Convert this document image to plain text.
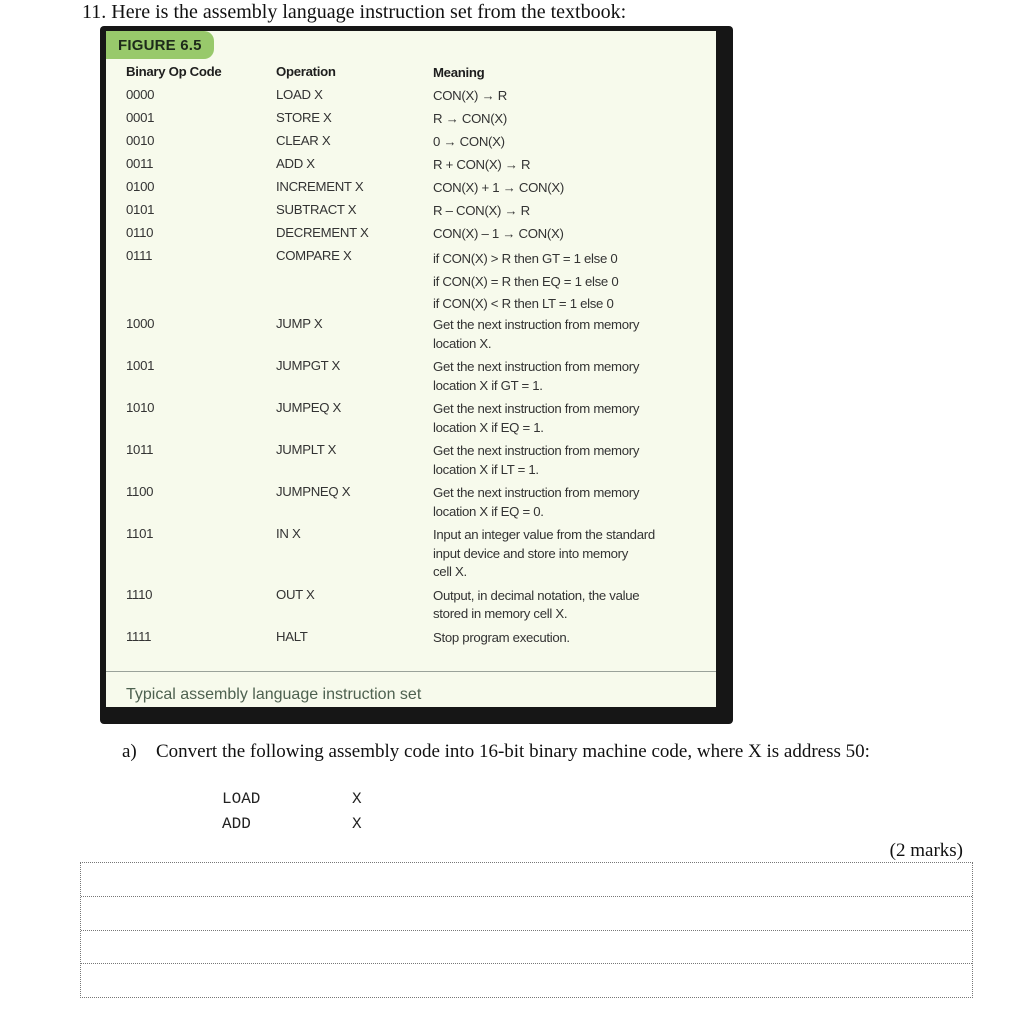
11. Here is the assembly language instruction set from the textbook:
FIGURE 6.5
Binary Op Code	Operation	Meaning
0000	LOAD X	CON(X) → R
0001	STORE X	R → CON(X)
0010	CLEAR X	0 → CON(X)
0011	ADD X	R + CON(X) → R
0100	INCREMENT X	CON(X) + 1 → CON(X)
0101	SUBTRACT X	R – CON(X) → R
0110	DECREMENT X	CON(X) – 1 → CON(X)
0111	COMPARE X	if CON(X) > R then GT = 1 else 0
if CON(X) = R then EQ = 1 else 0
if CON(X) < R then LT = 1 else 0
1000	JUMP X	Get the next instruction from memory
location X.
1001	JUMPGT X	Get the next instruction from memory
location X if GT = 1.
1010	JUMPEQ X	Get the next instruction from memory
location X if EQ = 1.
1011	JUMPLT X	Get the next instruction from memory
location X if LT = 1.
1100	JUMPNEQ X	Get the next instruction from memory
location X if EQ = 0.
1101	IN X	Input an integer value from the standard
input device and store into memory
cell X.
1110	OUT X	Output, in decimal notation, the value
stored in memory cell X.
1111	HALT	Stop program execution.
Typical assembly language instruction set
a) Convert the following assembly code into 16-bit binary machine code, where X is address 50:
LOAD	X
ADD	X
(2 marks)
